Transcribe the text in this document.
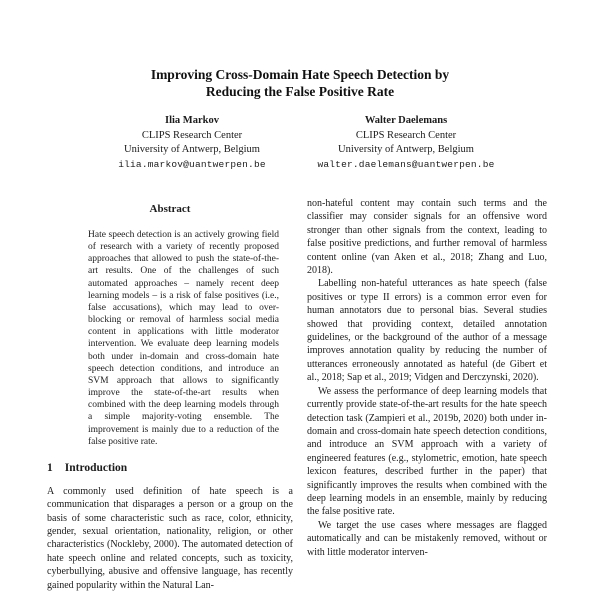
Improving Cross-Domain Hate Speech Detection by
Reducing the False Positive Rate
Ilia Markov
CLIPS Research Center
University of Antwerp, Belgium
ilia.markov@uantwerpen.be
Walter Daelemans
CLIPS Research Center
University of Antwerp, Belgium
walter.daelemans@uantwerpen.be
Abstract
Hate speech detection is an actively growing field of research with a variety of recently proposed approaches that allowed to push the state-of-the-art results. One of the challenges of such automated approaches – namely recent deep learning models – is a risk of false positives (i.e., false accusations), which may lead to over-blocking or removal of harmless social media content in applications with little moderator intervention. We evaluate deep learning models both under in-domain and cross-domain hate speech detection conditions, and introduce an SVM approach that allows to significantly improve the state-of-the-art results when combined with the deep learning models through a simple majority-voting ensemble. The improvement is mainly due to a reduction of the false positive rate.
1 Introduction
A commonly used definition of hate speech is a communication that disparages a person or a group on the basis of some characteristic such as race, color, ethnicity, gender, sexual orientation, nationality, religion, or other characteristics (Nockleby, 2000). The automated detection of hate speech online and related concepts, such as toxicity, cyberbullying, abusive and offensive language, has recently gained popularity within the Natural Lan-

non-hateful content may contain such terms and the classifier may consider signals for an offensive word stronger than other signals from the context, leading to false positive predictions, and further removal of harmless content online (van Aken et al., 2018; Zhang and Luo, 2018).

Labelling non-hateful utterances as hate speech (false positives or type II errors) is a common error even for human annotators due to personal bias. Several studies showed that providing context, detailed annotation guidelines, or the background of the author of a message improves annotation quality by reducing the number of utterances erroneously annotated as hateful (de Gibert et al., 2018; Sap et al., 2019; Vidgen and Derczynski, 2020).

We assess the performance of deep learning models that currently provide state-of-the-art results for the hate speech detection task (Zampieri et al., 2019b, 2020) both under in-domain and cross-domain hate speech detection conditions, and introduce an SVM approach with a variety of engineered features (e.g., stylometric, emotion, hate speech lexicon features, described further in the paper) that significantly improves the results when combined with the deep learning models in an ensemble, mainly by reducing the false positive rate.

We target the use cases where messages are flagged automatically and can be mistakenly removed, without or with little moderator interven-
